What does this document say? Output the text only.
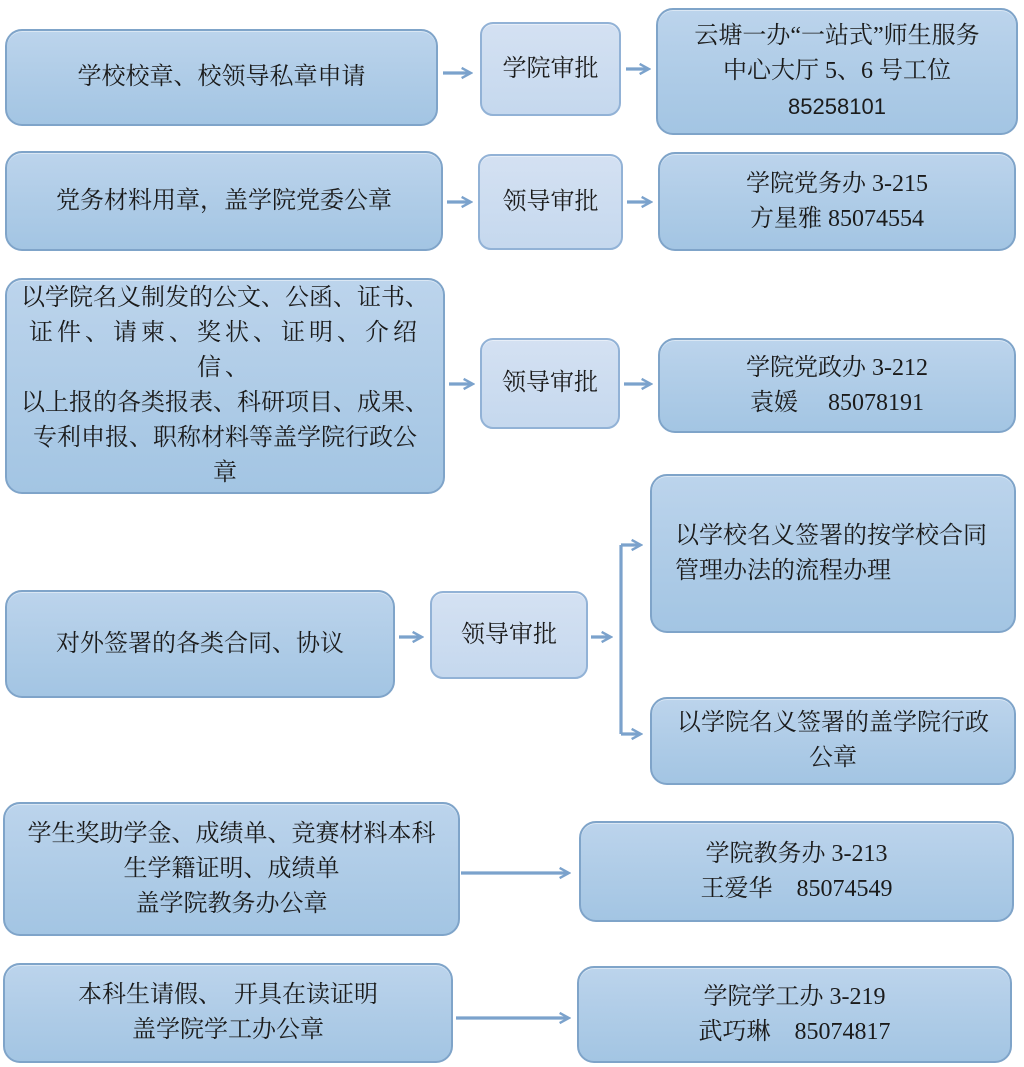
学校校章、校领导私章申请	学院审批
云塘一办“一站式”师生服务
中心大厅 5、6 号工位
85258101
党务材料用章，盖学院党委公章	领导审批
学院党务办 3-215
方星雅 85074554
以学院名义制发的公文、公函、证书、
证件、请柬、奖状、证明、介绍信、
以上报的各类报表、科研项目、成果、
专利申报、职称材料等盖学院行政公
章
领导审批
学院党政办 3-212
袁媛　 85078191
对外签署的各类合同、协议	领导审批
以学校名义签署的按学校合同
管理办法的流程办理
以学院名义签署的盖学院行政
公章
学生奖助学金、成绩单、竞赛材料本科
生学籍证明、成绩单
盖学院教务办公章
学院教务办 3-213
王爱华　85074549
本科生请假、　开具在读证明
盖学院学工办公章
学院学工办 3-219
武巧琳　85074817
